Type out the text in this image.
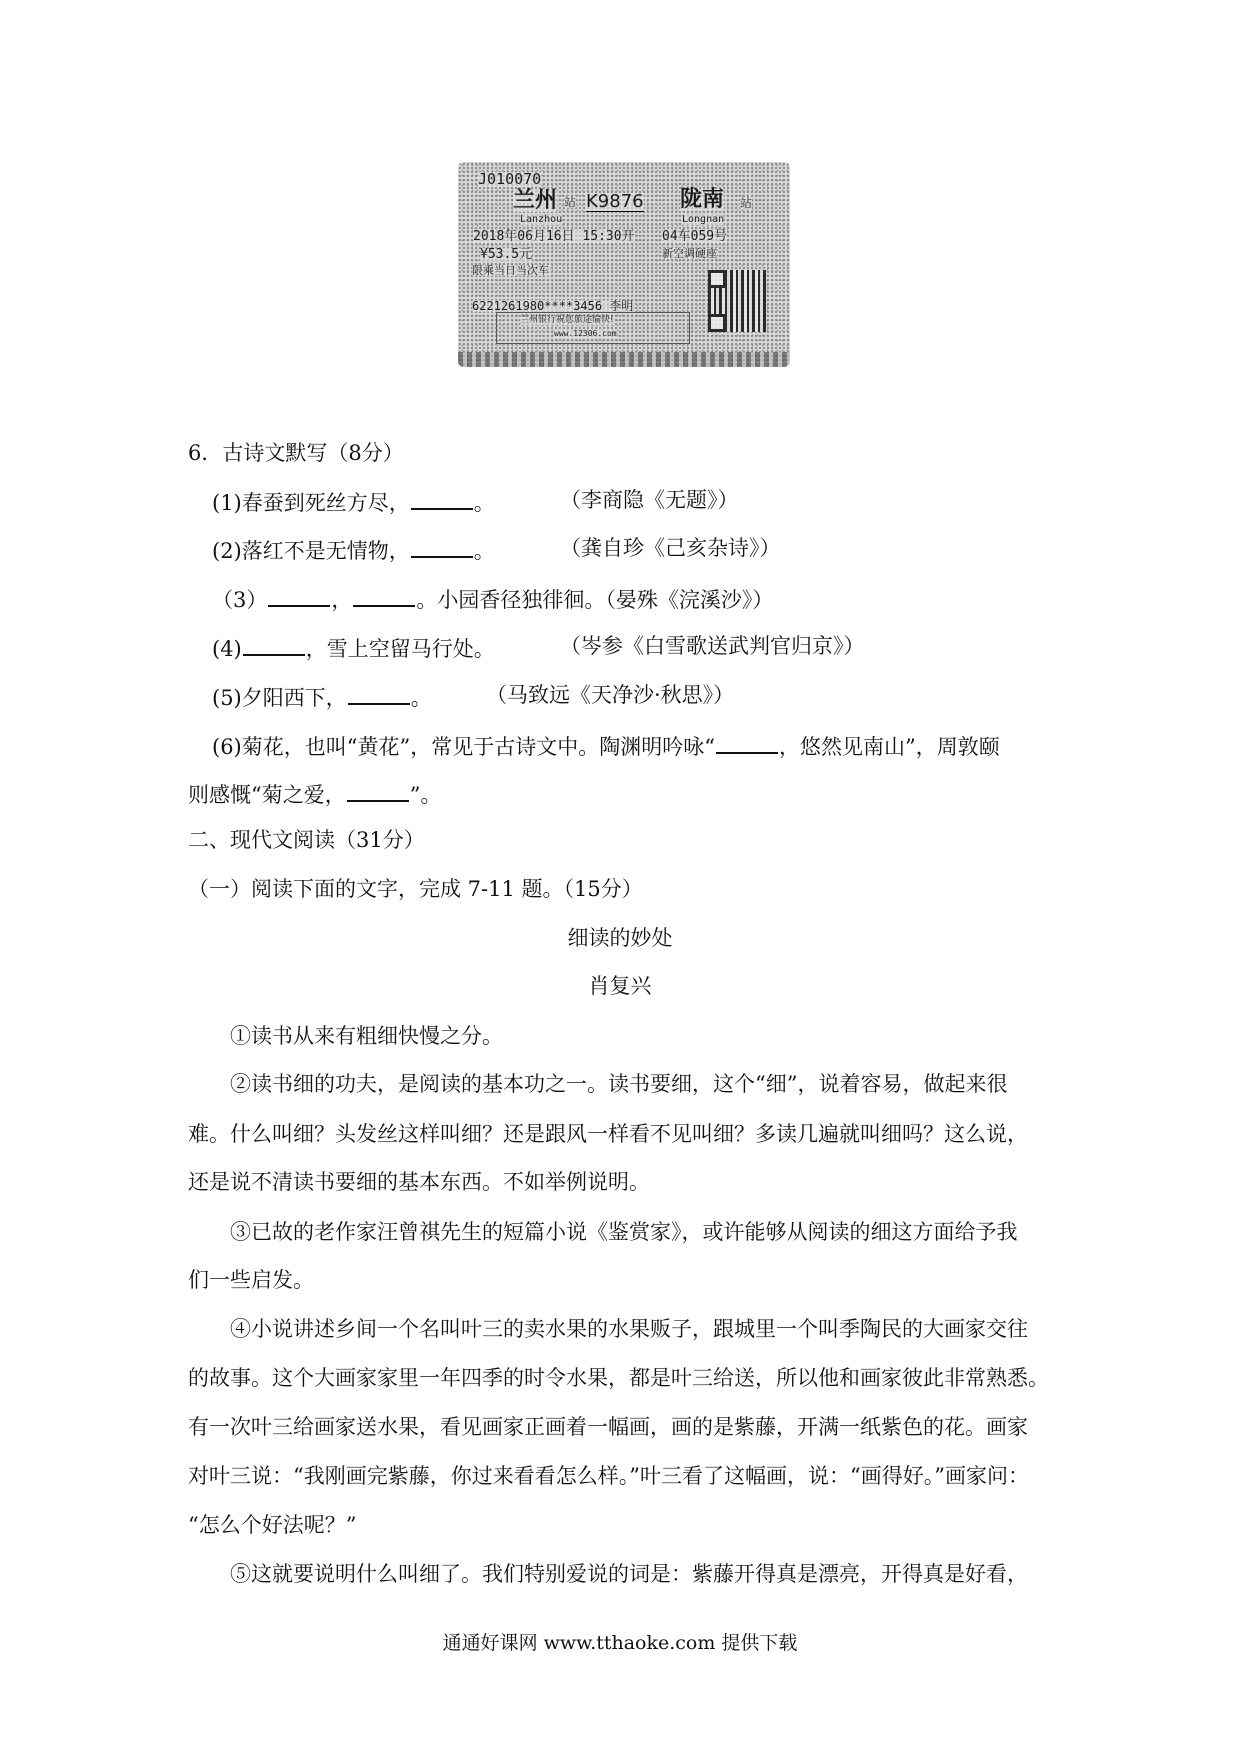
J010070
兰州 站 K9876 陇南 站
Lanzhou	Longnan
2018年06月16日 15:30开 04车059号
¥53.5元	新空调硬座
限乘当日当次车
6221261980****3456 李明
兰州银行祝您旅途愉快!
www.12306.com
6．古诗文默写（8分）
(1)春蚕到死丝方尽，	。	（李商隐《无题》）
(2)落红不是无情物，	。	（龚自珍《己亥杂诗》）
（3）	，	。小园香径独徘徊。（晏殊《浣溪沙》）
(4)	，雪上空留马行处。	（岑参《白雪歌送武判官归京》）
(5)夕阳西下，	。	（马致远《天净沙·秋思》）
(6)菊花，也叫“黄花”，常见于古诗文中。陶渊明吟咏“	，悠然见南山”，周敦颐
则感慨“菊之爱，	”。
二、现代文阅读（31分）
（一）阅读下面的文字，完成 7-11 题。（15分）
细读的妙处
肖复兴
①读书从来有粗细快慢之分。
②读书细的功夫，是阅读的基本功之一。读书要细，这个“细”，说着容易，做起来很
难。什么叫细？头发丝这样叫细？还是跟风一样看不见叫细？多读几遍就叫细吗？这么说，
还是说不清读书要细的基本东西。不如举例说明。
③已故的老作家汪曾祺先生的短篇小说《鉴赏家》，或许能够从阅读的细这方面给予我
们一些启发。
④小说讲述乡间一个名叫叶三的卖水果的水果贩子，跟城里一个叫季陶民的大画家交往
的故事。这个大画家家里一年四季的时令水果，都是叶三给送，所以他和画家彼此非常熟悉。
有一次叶三给画家送水果，看见画家正画着一幅画，画的是紫藤，开满一纸紫色的花。画家
对叶三说：“我刚画完紫藤，你过来看看怎么样。”叶三看了这幅画，说：“画得好。”画家问：
“怎么个好法呢？”
⑤这就要说明什么叫细了。我们特别爱说的词是：紫藤开得真是漂亮，开得真是好看，
通通好课网 www.tthaoke.com 提供下载
